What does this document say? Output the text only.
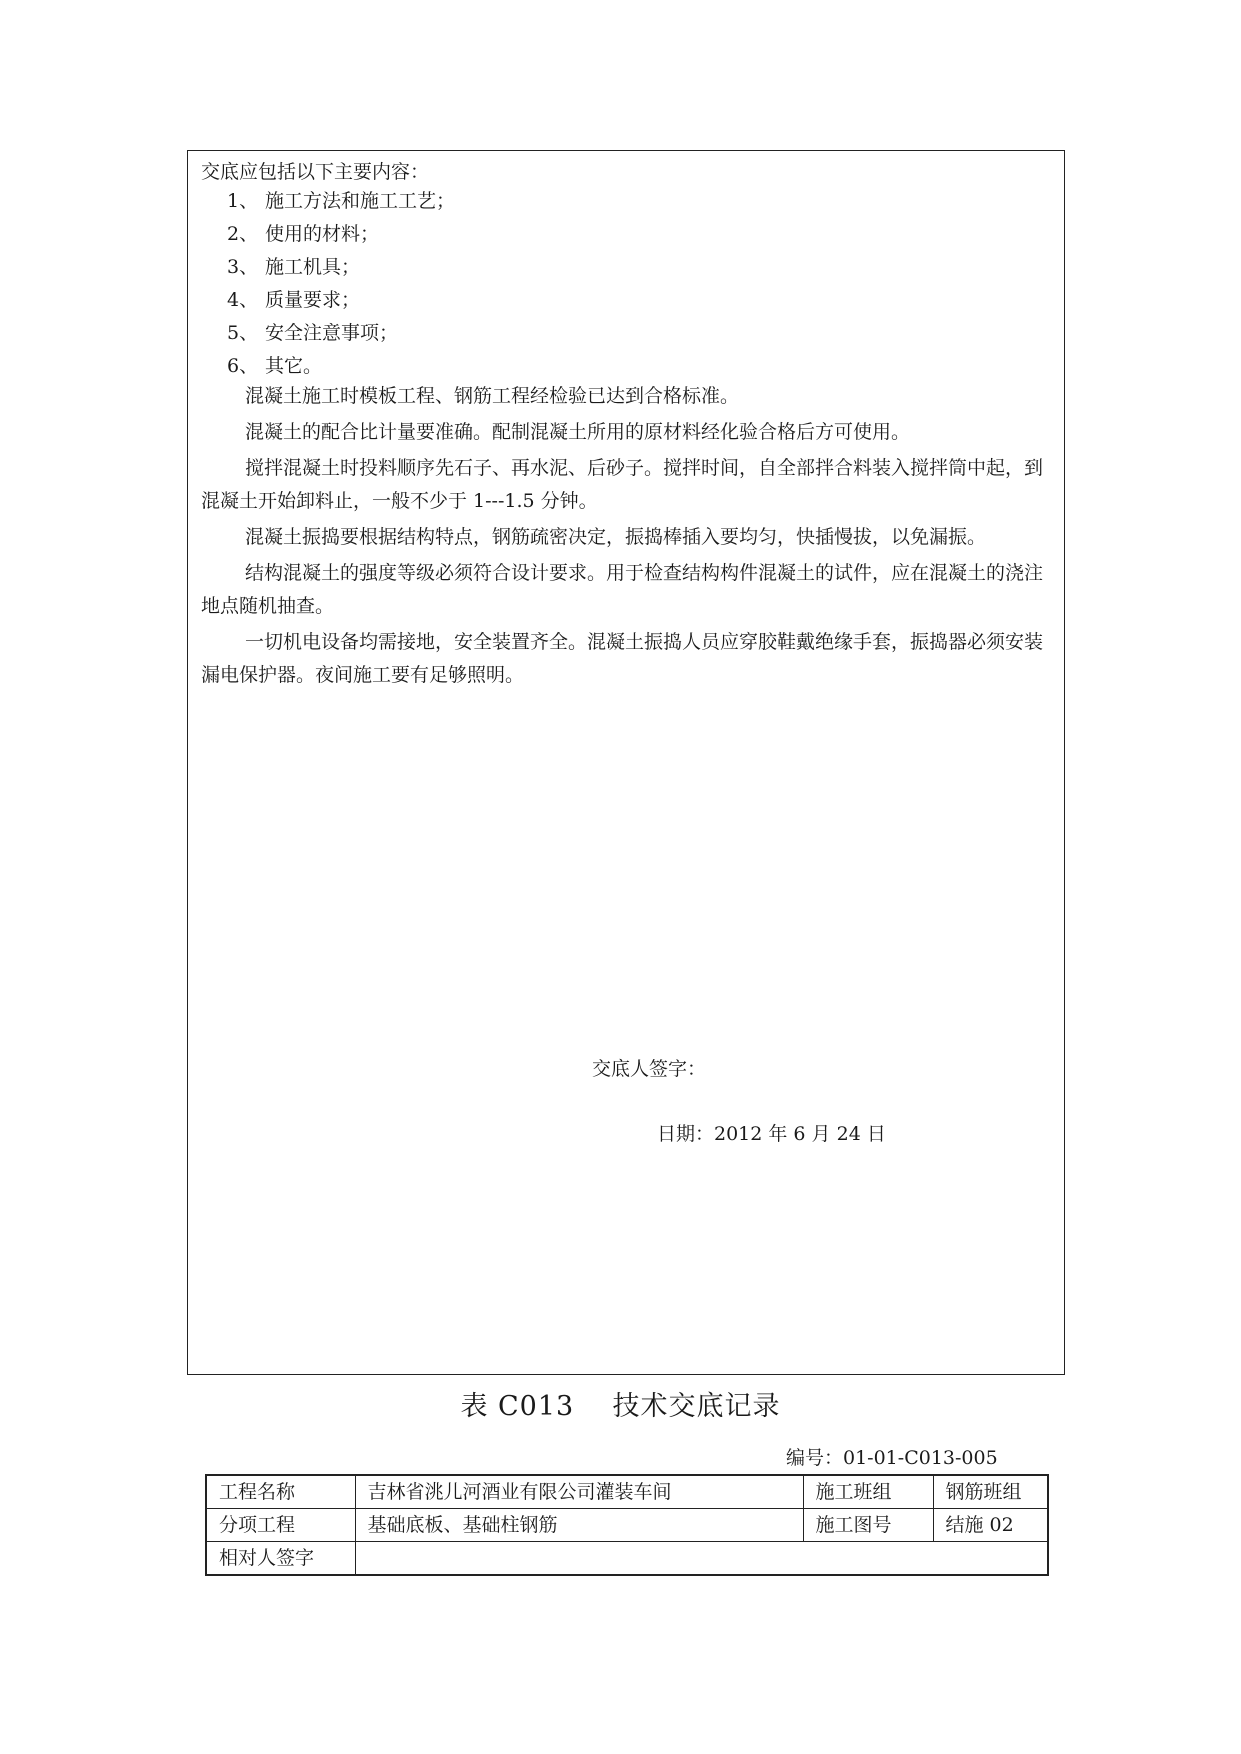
交底应包括以下主要内容：
1、 施工方法和施工工艺；
2、 使用的材料；
3、 施工机具；
4、 质量要求；
5、 安全注意事项；
6、 其它。

混凝土施工时模板工程、钢筋工程经检验已达到合格标准。

混凝土的配合比计量要准确。配制混凝土所用的原材料经化验合格后方可使用。

搅拌混凝土时投料顺序先石子、再水泥、后砂子。搅拌时间，自全部拌合料装入搅拌筒中起，到混凝土开始卸料止，一般不少于 1---1.5 分钟。

混凝土振捣要根据结构特点，钢筋疏密决定，振捣棒插入要均匀，快插慢拔，以免漏振。

结构混凝土的强度等级必须符合设计要求。用于检查结构构件混凝土的试件，应在混凝土的浇注地点随机抽查。

一切机电设备均需接地，安全装置齐全。混凝土振捣人员应穿胶鞋戴绝缘手套，振捣器必须安装漏电保护器。夜间施工要有足够照明。

交底人签字：
日期：2012 年 6 月 24 日
表 C013    技术交底记录
编号：01-01-C013-005
工程名称	吉林省洮儿河酒业有限公司灌装车间	施工班组	钢筋班组
分项工程	基础底板、基础柱钢筋	施工图号	结施 02
相对人签字			
